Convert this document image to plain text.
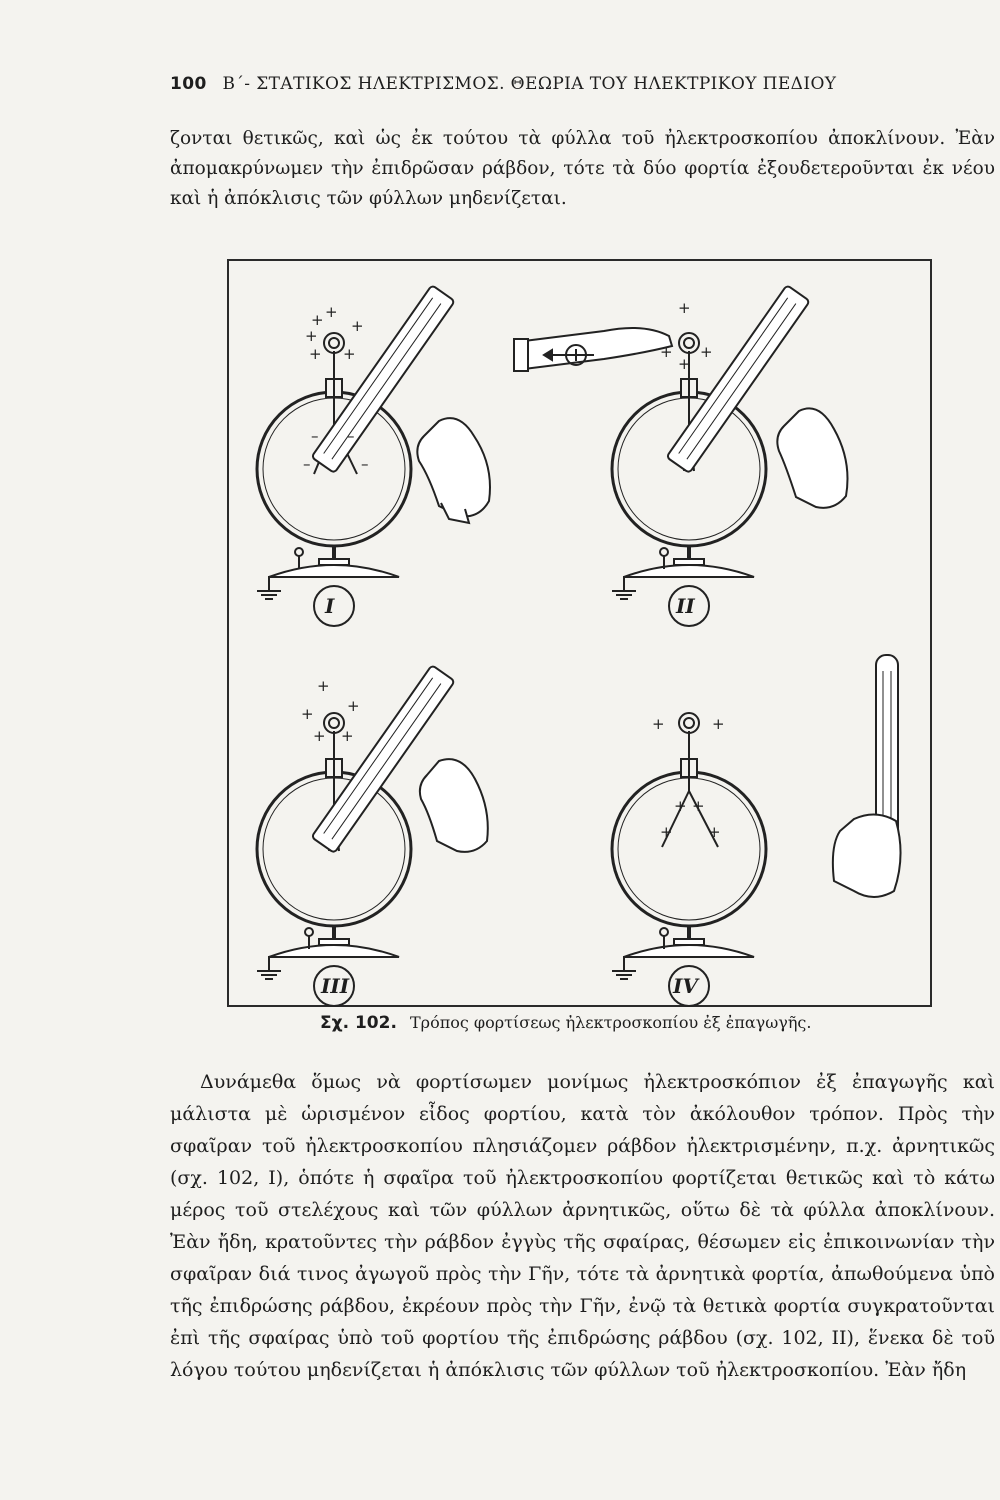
100 Β΄- ΣΤΑΤΙΚΟΣ ΗΛΕΚΤΡΙΣΜΟΣ. ΘΕΩΡΙΑ ΤΟΥ ΗΛΕΚΤΡΙΚΟΥ ΠΕΔΙΟΥ

ζονται θετικῶς, καὶ ὡς ἐκ τούτου τὰ φύλλα τοῦ ἠλεκτροσκοπίου ἀποκλίνουν. Ἐὰν ἀπομακρύνωμεν τὴν ἐπιδρῶσαν ράβδον, τότε τὰ δύο φορτία ἐξουδετεροῦνται ἐκ νέου καὶ ἡ ἀπόκλισις τῶν φύλλων μηδενίζεται.

+ +
+
+
+ +
– –
–	–
+
+ +
+
+
+ +
+ +
+	+
+ +
+ +
I	II
III	IV
Σχ. 102. Τρόπος φορτίσεως ἠλεκτροσκοπίου ἐξ ἐπαγωγῆς.

Δυνάμεθα ὅμως νὰ φορτίσωμεν μονίμως ἠλεκτροσκόπιον ἐξ ἐπαγωγῆς καὶ μάλιστα μὲ ὡρισμένον εἶδος φορτίου, κατὰ τὸν ἀκόλουθον τρόπον. Πρὸς τὴν σφαῖραν τοῦ ἠλεκτροσκοπίου πλησιάζομεν ράβδον ἠλεκτρισμένην, π.χ. ἀρνητικῶς (σχ. 102, I), ὁπότε ἡ σφαῖρα τοῦ ἠλεκτροσκοπίου φορτίζεται θετικῶς καὶ τὸ κάτω μέρος τοῦ στελέχους καὶ τῶν φύλλων ἀρνητικῶς, οὕτω δὲ τὰ φύλλα ἀποκλίνουν. Ἐὰν ἤδη, κρατοῦντες τὴν ράβδον ἐγγὺς τῆς σφαίρας, θέσωμεν εἰς ἐπικοινωνίαν τὴν σφαῖραν διά τινος ἀγωγοῦ πρὸς τὴν Γῆν, τότε τὰ ἀρνητικὰ φορτία, ἀπωθούμενα ὑπὸ τῆς ἐπιδρώσης ράβδου, ἐκρέουν πρὸς τὴν Γῆν, ἐνῷ τὰ θετικὰ φορτία συγκρατοῦνται ἐπὶ τῆς σφαίρας ὑπὸ τοῦ φορτίου τῆς ἐπιδρώσης ράβδου (σχ. 102, II), ἕνεκα δὲ τοῦ λόγου τούτου μηδενίζεται ἡ ἀπόκλισις τῶν φύλλων τοῦ ἠλεκτροσκοπίου. Ἐὰν ἤδη
